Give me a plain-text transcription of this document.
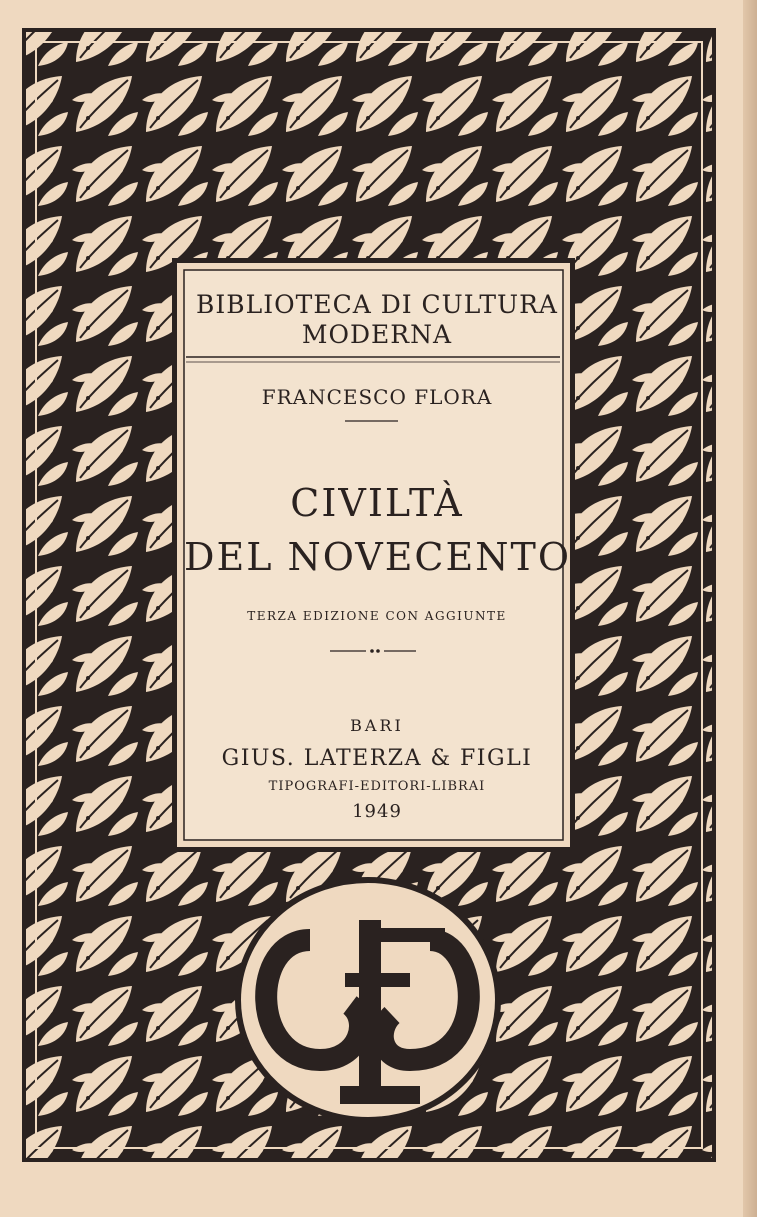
BIBLIOTECA DI CULTURA
MODERNA
FRANCESCO FLORA
CIVILTÀ
DEL NOVECENTO
TERZA EDIZIONE CON AGGIUNTE
BARI
GIUS. LATERZA & FIGLI
TIPOGRAFI-EDITORI-LIBRAI
1949
